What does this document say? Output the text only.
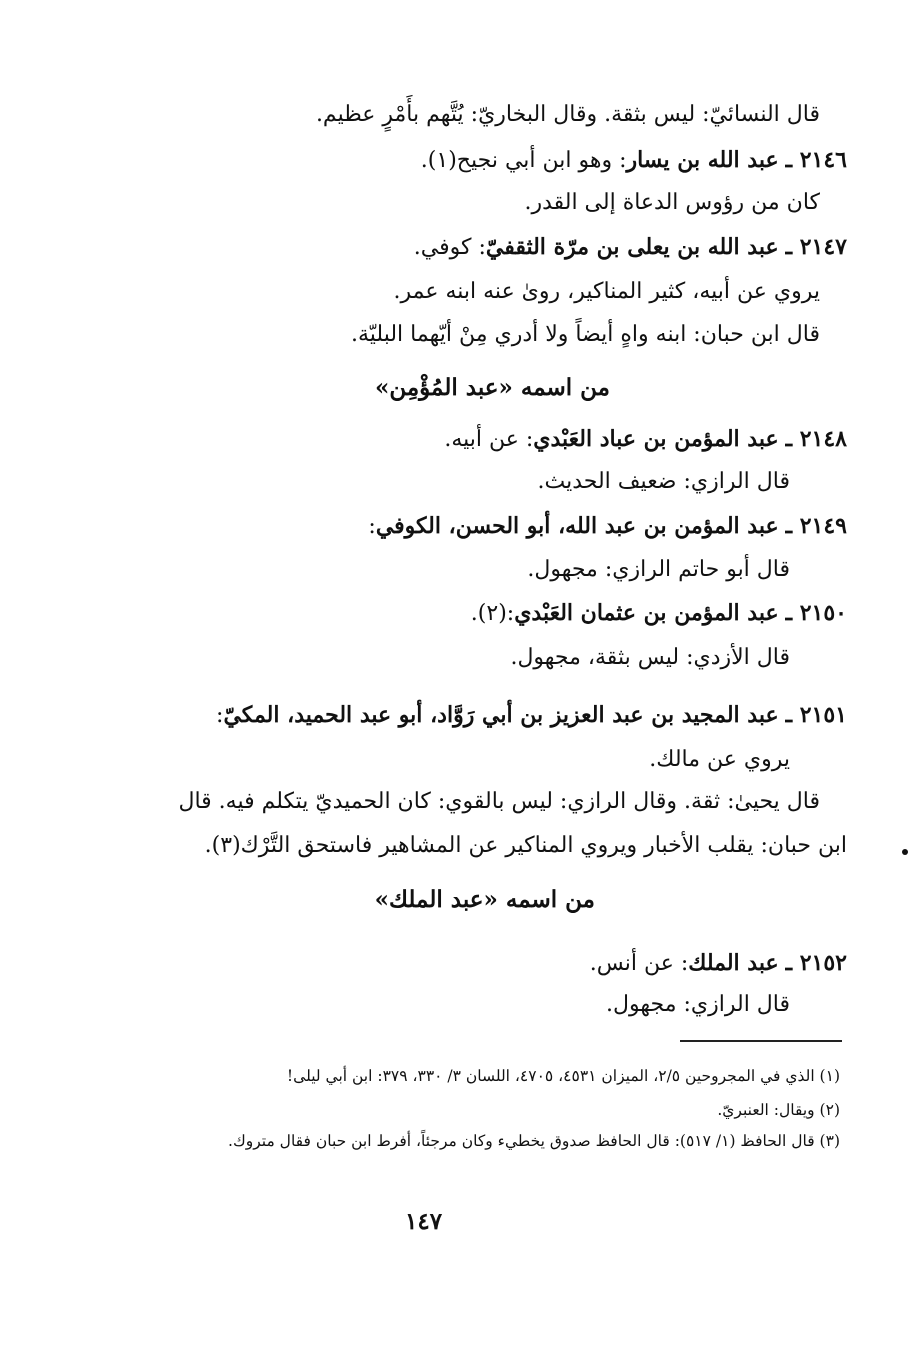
قال النسائيّ: ليس بثقة. وقال البخاريّ: يُتَّهم بأَمْرٍ عظيم.
٢١٤٦ ـ عبد الله بن يسار: وهو ابن أبي نجيح(١).
كان من رؤوس الدعاة إلى القدر.
٢١٤٧ ـ عبد الله بن يعلى بن مرّة الثقفيّ: كوفي.
يروي عن أبيه، كثير المناكير، روىٰ عنه ابنه عمر.
قال ابن حبان: ابنه واهٍ أيضاً ولا أدري مِنْ أيّهما البليّة.
من اسمه «عبد المُؤْمِن»
٢١٤٨ ـ عبد المؤمن بن عباد العَبْدي: عن أبيه.
قال الرازي: ضعيف الحديث.
٢١٤٩ ـ عبد المؤمن بن عبد الله، أبو الحسن، الكوفي:
قال أبو حاتم الرازي: مجهول.
٢١٥٠ ـ عبد المؤمن بن عثمان العَبْدي:(٢).
قال الأزدي: ليس بثقة، مجهول.
٢١٥١ ـ عبد المجيد بن عبد العزيز بن أبي رَوَّاد، أبو عبد الحميد، المكيّ:
يروي عن مالك.
قال يحيىٰ: ثقة. وقال الرازي: ليس بالقوي: كان الحميديّ يتكلم فيه. قال
ابن حبان: يقلب الأخبار ويروي المناكير عن المشاهير فاستحق التَّرْك(٣).
من اسمه «عبد الملك»
٢١٥٢ ـ عبد الملك: عن أنس.
قال الرازي: مجهول.
(١) الذي في المجروحين ٢/٥، الميزان ٤٥٣١، ٤٧٠٥، اللسان ٣/ ٣٣٠، ٣٧٩: ابن أبي ليلى!
(٢) ويقال: العنبريّ.
(٣) قال الحافظ (١/ ٥١٧): قال الحافظ صدوق يخطيء وكان مرجئاً، أفرط ابن حبان فقال متروك.
١٤٧
